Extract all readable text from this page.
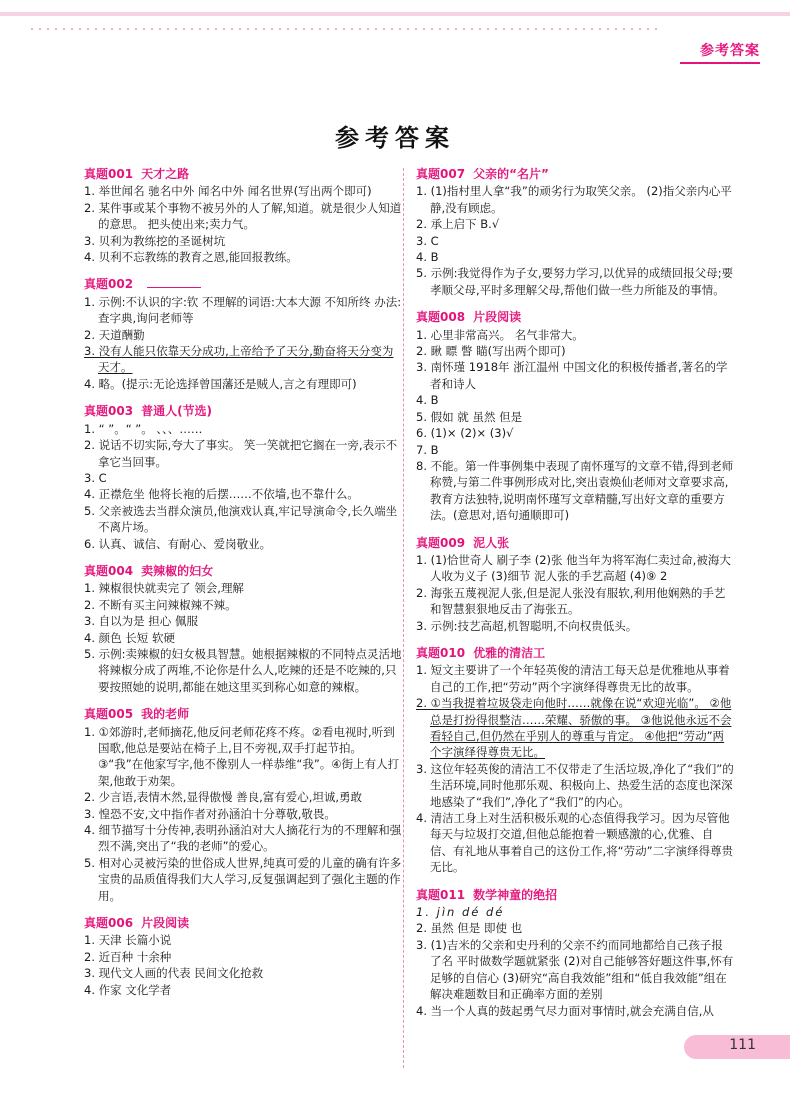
参考答案
参考答案
真题001 天才之路
1. 举世闻名 驰名中外 闻名中外 闻名世界(写出两个即可)
2. 某件事或某个事物不被另外的人了解,知道。就是很少人知道的意思。 把头使出来;卖力气。
3. 贝利为教练挖的圣诞树坑
4. 贝利不忘教练的教育之恩,能回报教练。
真题002
1. 示例:不认识的字:钦 不理解的词语:大本大源 不知所终 办法:查字典,询问老师等
2. 天道酬勤
3. 没有人能只依靠天分成功,上帝给予了天分,勤奋将天分变为天才。
4. 略。(提示:无论选择曾国藩还是贼人,言之有理即可)
真题003 普通人(节选)
1. “ ”。“ ”。 、、、……
2. 说话不切实际,夸大了事实。 笑一笑就把它搁在一旁,表示不拿它当回事。
3. C
4. 正襟危坐 他将长袍的后摆……不依墙,也不靠什么。
5. 父亲被选去当群众演员,他演戏认真,牢记导演命令,长久端坐不离片场。
6. 认真、诚信、有耐心、爱岗敬业。
真题004 卖辣椒的妇女
1. 辣椒很快就卖完了 领会,理解
2. 不断有买主问辣椒辣不辣。
3. 自以为是 担心 佩服
4. 颜色 长短 软硬
5. 示例:卖辣椒的妇女极具智慧。她根据辣椒的不同特点灵活地将辣椒分成了两堆,不论你是什么人,吃辣的还是不吃辣的,只要按照她的说明,都能在她这里买到称心如意的辣椒。
真题005 我的老师
1. ①郊游时,老师摘花,他反问老师花疼不疼。②看电视时,听到国歌,他总是要站在椅子上,目不旁视,双手打起节拍。③“我”在他家写字,他不像别人一样恭维“我”。④街上有人打架,他敢于劝架。
2. 少言语,表情木然,显得傲慢 善良,富有爱心,坦诚,勇敢
3. 惶恐不安,文中指作者对孙涵泊十分尊敬,敬畏。
4. 细节描写十分传神,表明孙涵泊对大人摘花行为的不理解和强烈不满,突出了“我的老师”的爱心。
5. 相对心灵被污染的世俗成人世界,纯真可爱的儿童的确有许多宝贵的品质值得我们大人学习,反复强调起到了强化主题的作用。
真题006 片段阅读
1. 天津 长篇小说
2. 近百种 十余种
3. 现代文人画的代表 民间文化抢救
4. 作家 文化学者
真题007 父亲的“名片”
1. (1)指村里人拿“我”的顽劣行为取笑父亲。 (2)指父亲内心平静,没有顾虑。
2. 承上启下 B.√
3. C
4. B
5. 示例:我觉得作为子女,要努力学习,以优异的成绩回报父母;要孝顺父母,平时多理解父母,帮他们做一些力所能及的事情。
真题008 片段阅读
1. 心里非常高兴。 名气非常大。
2. 瞅 瞟 瞥 瞄(写出两个即可)
3. 南怀瑾 1918年 浙江温州 中国文化的积极传播者,著名的学者和诗人
4. B
5. 假如 就 虽然 但是
6. (1)× (2)× (3)√
7. B
8. 不能。第一件事例集中表现了南怀瑾写的文章不错,得到老师称赞,与第二件事例形成对比,突出袁焕仙老师对文章要求高,教育方法独特,说明南怀瑾写文章精髓,写出好文章的重要方法。(意思对,语句通顺即可)
真题009 泥人张
1. (1)恰世奇人 刷子李 (2)张 他当年为将军海仁卖过命,被海大人收为义子 (3)细节 泥人张的手艺高超 (4)⑨ 2
2. 海张五蔑视泥人张,但是泥人张没有服软,利用他娴熟的手艺和智慧狠狠地反击了海张五。
3. 示例:技艺高超,机智聪明,不向权贵低头。
真题010 优雅的清洁工
1. 短文主要讲了一个年轻英俊的清洁工每天总是优雅地从事着自己的工作,把“劳动”两个字演绎得尊贵无比的故事。
2. ①当我提着垃圾袋走向他时……就像在说“欢迎光临”。 ②他总是打扮得很整洁……荣耀、骄傲的事。 ③他说他永远不会看轻自己,但仍然在乎别人的尊重与肯定。 ④他把“劳动”两个字演绎得尊贵无比。
3. 这位年轻英俊的清洁工不仅带走了生活垃圾,净化了“我们”的生活环境,同时他那乐观、积极向上、热爱生活的态度也深深地感染了“我们”,净化了“我们”的内心。
4. 清洁工身上对生活积极乐观的心态值得我学习。因为尽管他每天与垃圾打交道,但他总能抱着一颗感激的心,优雅、自信、有礼地从事着自己的这份工作,将“劳动”二字演绎得尊贵无比。
真题011 数学神童的绝招
1. jìn dé dé
2. 虽然 但是 即使 也
3. (1)吉米的父亲和史丹利的父亲不约而同地都给自己孩子报了名 平时做数学题就紧张 (2)对自己能够答好题这件事,怀有足够的自信心 (3)研究“高自我效能”组和“低自我效能”组在解决难题数目和正确率方面的差别
4. 当一个人真的鼓起勇气尽力面对事情时,就会充满自信,从
111
